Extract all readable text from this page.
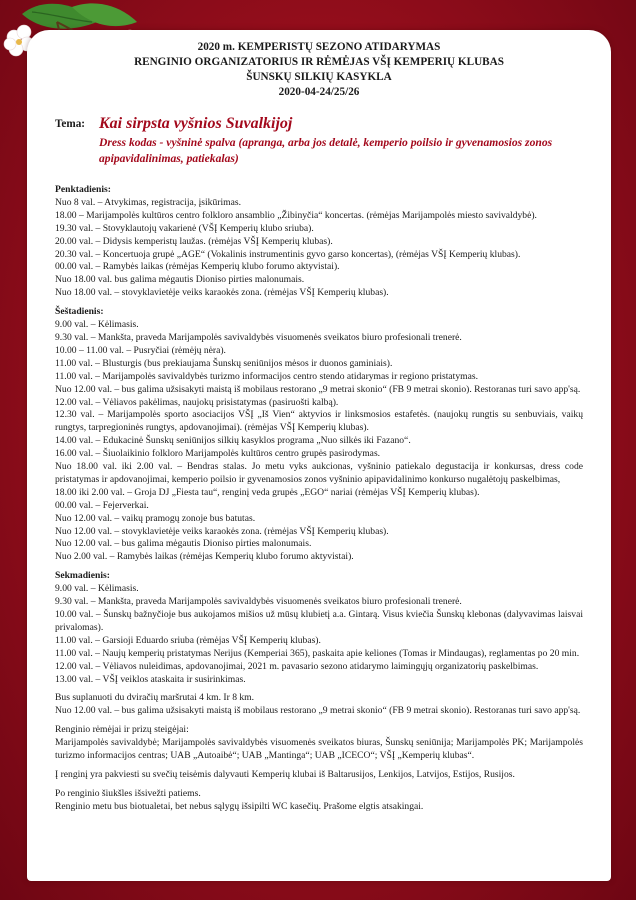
2020 m. KEMPERISTŲ SEZONO ATIDARYMAS
RENGINIO ORGANIZATORIUS IR RĖMĖJAS VŠĮ KEMPERIŲ KLUBAS
ŠUNSKŲ SILKIŲ KASYKLA
2020-04-24/25/26
Tema: Kai sirpsta vyšnios Suvalkijoj
Dress kodas - vyšninė spalva (apranga, arba jos detalė, kemperio poilsio ir gyvenamosios zonos apipavidalinimas, patiekalas)
Penktadienis:

Nuo 8 val. – Atvykimas, registracija, įsikūrimas.

18.00 – Marijampolės kultūros centro folkloro ansamblio „Žibinyčia“ koncertas. (rėmėjas Marijampolės miesto savivaldybė).

19.30 val. – Stovyklautojų vakarienė (VŠĮ Kemperių klubo sriuba).

20.00 val. – Didysis kemperistų laužas. (rėmėjas VŠĮ Kemperių klubas).

20.30 val. – Koncertuoja grupė „AGE“ (Vokalinis instrumentinis gyvo garso koncertas), (rėmėjas VŠĮ Kemperių klubas).

00.00 val. – Ramybės laikas (rėmėjas Kemperių klubo forumo aktyvistai).

Nuo 18.00 val. bus galima mėgautis Dioniso pirties malonumais.

Nuo 18.00 val. – stovyklavietėje veiks karaokės zona. (rėmėjas VŠĮ Kemperių klubas).

Šeštadienis:

9.00 val. – Kėlimasis.

9.30 val. – Mankšta, praveda Marijampolės savivaldybės visuomenės sveikatos biuro profesionali trenerė.

10.00 – 11.00 val. – Pusryčiai (rėmėjų nėra).

11.00 val. – Blusturgis (bus prekiaujama Šunskų seniūnijos mėsos ir duonos gaminiais).

11.00 val. – Marijampolės savivaldybės turizmo informacijos centro stendo atidarymas ir regiono pristatymas.

Nuo 12.00 val. – bus galima užsisakyti maistą iš mobilaus restorano „9 metrai skonio“ (FB 9 metrai skonio). Restoranas turi savo app'są.

12.00 val. – Vėliavos pakėlimas, naujokų prisistatymas (pasiruošti kalbą).

12.30 val. – Marijampolės sporto asociacijos VŠĮ „Iš Vien“ aktyvios ir linksmosios estafetės. (naujokų rungtis su senbuviais, vaikų rungtys, tarpregioninės rungtys, apdovanojimai). (rėmėjas VŠĮ Kemperių klubas).

14.00 val. – Edukacinė Šunskų seniūnijos silkių kasyklos programa „Nuo silkės iki Fazano“.

16.00 val. – Šiuolaikinio folkloro Marijampolės kultūros centro grupės pasirodymas.

Nuo 18.00 val. iki 2.00 val. – Bendras stalas. Jo metu vyks aukcionas, vyšninio patiekalo degustacija ir konkursas, dress code pristatymas ir apdovanojimai, kemperio poilsio ir gyvenamosios zonos vyšninio apipavidalinimo konkurso nugalėtojų paskelbimas,

18.00 iki 2.00 val. – Groja DJ „Fiesta tau“, renginį veda grupės „EGO“ nariai (rėmėjas VŠĮ Kemperių klubas).

00.00 val. – Fejerverkai.

Nuo 12.00 val. – vaikų pramogų zonoje bus batutas.

Nuo 12.00 val. – stovyklavietėje veiks karaokės zona. (rėmėjas VŠĮ Kemperių klubas).

Nuo 12.00 val. – bus galima mėgautis Dioniso pirties malonumais.

Nuo 2.00 val. – Ramybės laikas (rėmėjas Kemperių klubo forumo aktyvistai).

Sekmadienis:

9.00 val. – Kėlimasis.

9.30 val. – Mankšta, praveda Marijampolės savivaldybės visuomenės sveikatos biuro profesionali trenerė.

10.00 val. – Šunskų bažnyčioje bus aukojamos mišios už mūsų klubietį a.a. Gintarą. Visus kviečia Šunskų klebonas (dalyvavimas laisvai privalomas).

11.00 val. – Garsioji Eduardo sriuba (rėmėjas VŠĮ Kemperių klubas).

11.00 val. – Naujų kemperių pristatymas Nerijus (Kemperiai 365), paskaita apie keliones (Tomas ir Mindaugas), reglamentas po 20 min.

12.00 val. – Vėliavos nuleidimas, apdovanojimai, 2021 m. pavasario sezono atidarymo laimingųjų organizatorių paskelbimas.

13.00 val. – VŠĮ veiklos ataskaita ir susirinkimas.

Bus suplanuoti du dviračių maršrutai 4 km. Ir 8 km.

Nuo 12.00 val. – bus galima užsisakyti maistą iš mobilaus restorano „9 metrai skonio“ (FB 9 metrai skonio). Restoranas turi savo app'są.

Renginio rėmėjai ir prizų steigėjai:

Marijampolės savivaldybė; Marijampolės savivaldybės visuomenės sveikatos biuras, Šunskų seniūnija; Marijampolės PK; Marijampolės turizmo informacijos centras; UAB „Autoaibė“; UAB „Mantinga“; UAB „ICECO“; VŠĮ „Kemperių klubas“.

Į renginį yra pakviesti su svečių teisėmis dalyvauti Kemperių klubai iš Baltarusijos, Lenkijos, Latvijos, Estijos, Rusijos.

Po renginio šiukšles išsivežti patiems.

Renginio metu bus biotualetai, bet nebus sąlygų išsipilti WC kasečių. Prašome elgtis atsakingai.
